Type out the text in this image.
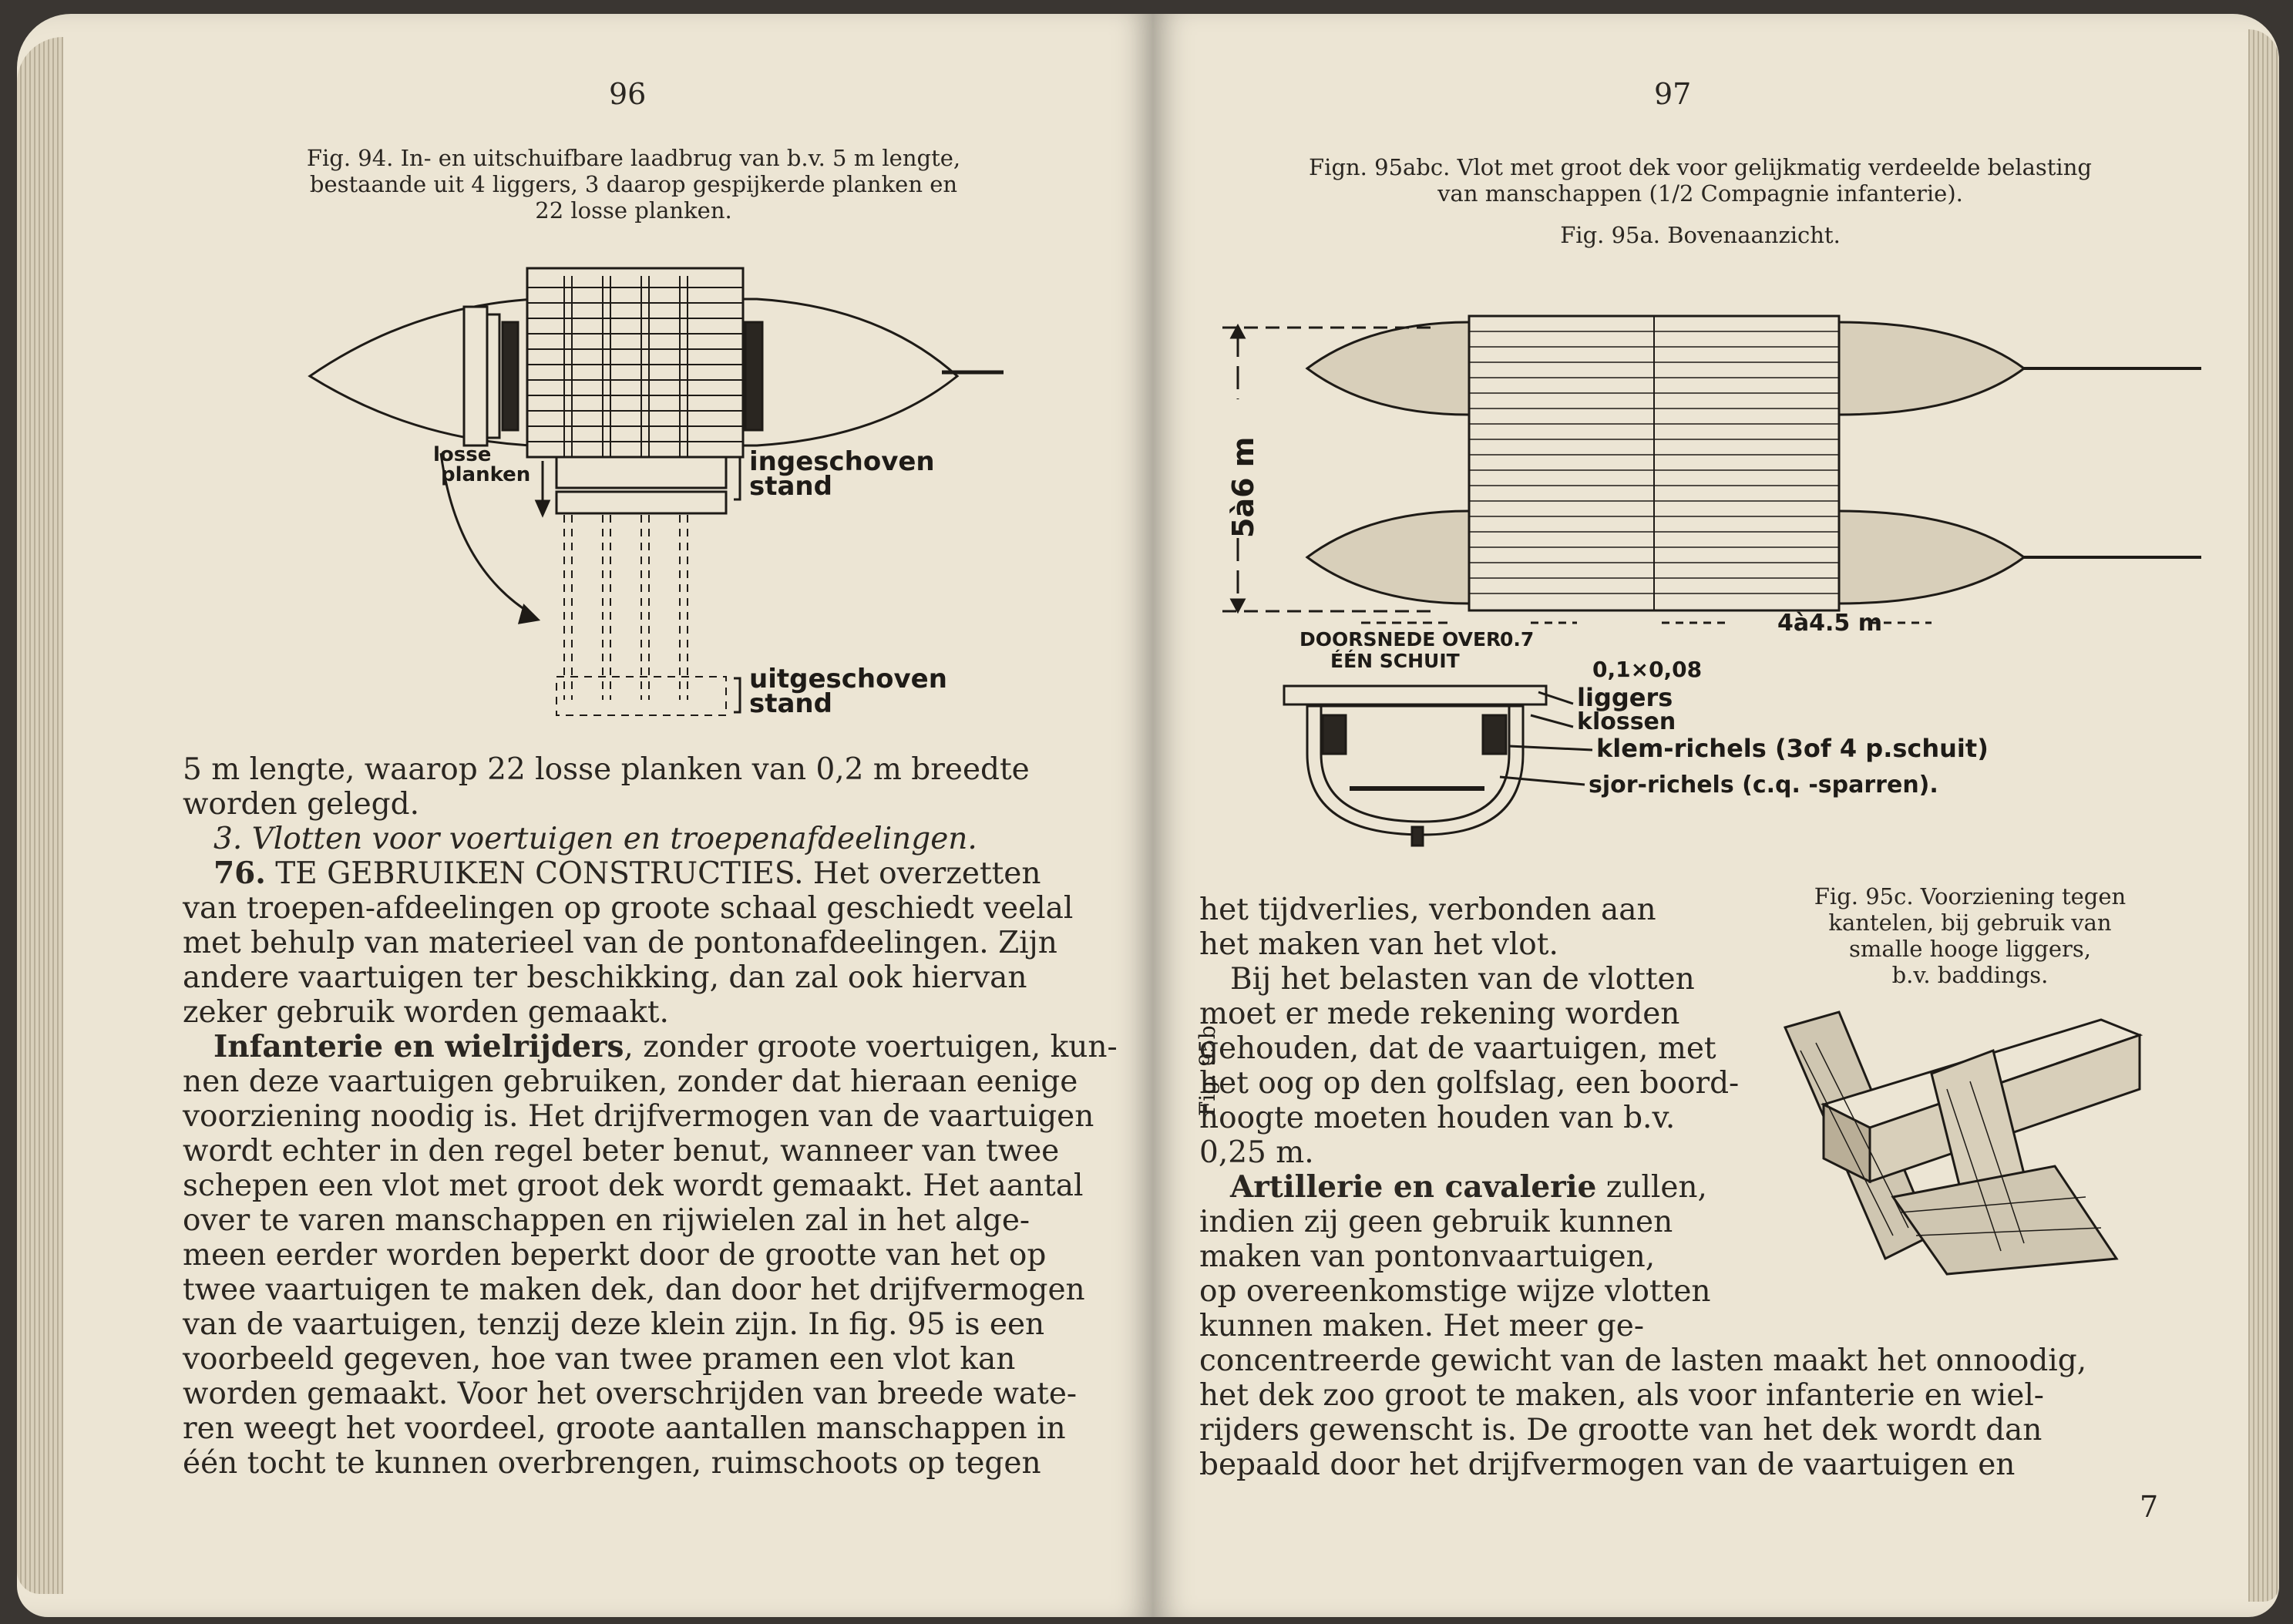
96
Fig. 94. In- en uitschuifbare laadbrug van b.v. 5 m lengte,
bestaande uit 4 liggers, 3 daarop gespijkerde planken en
22 losse planken.
losse
planken	ingeschoven
stand
uitgeschoven
stand
5 m lengte, waarop 22 losse planken van 0,2 m breedte
worden gelegd.
3. Vlotten voor voertuigen en troepenafdeelingen.
76. TE GEBRUIKEN CONSTRUCTIES. Het overzetten
van troepen-afdeelingen op groote schaal geschiedt veelal
met behulp van materieel van de pontonafdeelingen. Zijn
andere vaartuigen ter beschikking, dan zal ook hiervan
zeker gebruik worden gemaakt.
Infanterie en wielrijders, zonder groote voertuigen, kun-
nen deze vaartuigen gebruiken, zonder dat hieraan eenige
voorziening noodig is. Het drijfvermogen van de vaartuigen
wordt echter in den regel beter benut, wanneer van twee
schepen een vlot met groot dek wordt gemaakt. Het aantal
over te varen manschappen en rijwielen zal in het alge-
meen eerder worden beperkt door de grootte van het op
twee vaartuigen te maken dek, dan door het drijfvermogen
van de vaartuigen, tenzij deze klein zijn. In fig. 95 is een
voorbeeld gegeven, hoe van twee pramen een vlot kan
worden gemaakt. Voor het overschrijden van breede wate-
ren weegt het voordeel, groote aantallen manschappen in
één tocht te kunnen overbrengen, ruimschoots op tegen
97
Fign. 95abc. Vlot met groot dek voor gelijkmatig verdeelde belasting
van manschappen (1/2 Compagnie infanterie).
Fig. 95a. Bovenaanzicht.
5à6 m
DOORSNEDE OVER
ÉÉN SCHUIT
0.7
0,1×0,08
4à4.5 m
liggers
klossen
klem-richels (3of 4 p.schuit)
sjor-richels (c.q. -sparren).
Fig. 95b.
Fig. 95c. Voorziening tegen
kantelen, bij gebruik van
smalle hooge liggers,
b.v. baddings.
het tijdverlies, verbonden aan
het maken van het vlot.
Bij het belasten van de vlotten
moet er mede rekening worden
gehouden, dat de vaartuigen, met
het oog op den golfslag, een boord-
hoogte moeten houden van b.v.
0,25 m.
Artillerie en cavalerie zullen,
indien zij geen gebruik kunnen
maken van pontonvaartuigen,
op overeenkomstige wijze vlotten
kunnen maken. Het meer ge-
concentreerde gewicht van de lasten maakt het onnoodig,
het dek zoo groot te maken, als voor infanterie en wiel-
rijders gewenscht is. De grootte van het dek wordt dan
bepaald door het drijfvermogen van de vaartuigen en
7
